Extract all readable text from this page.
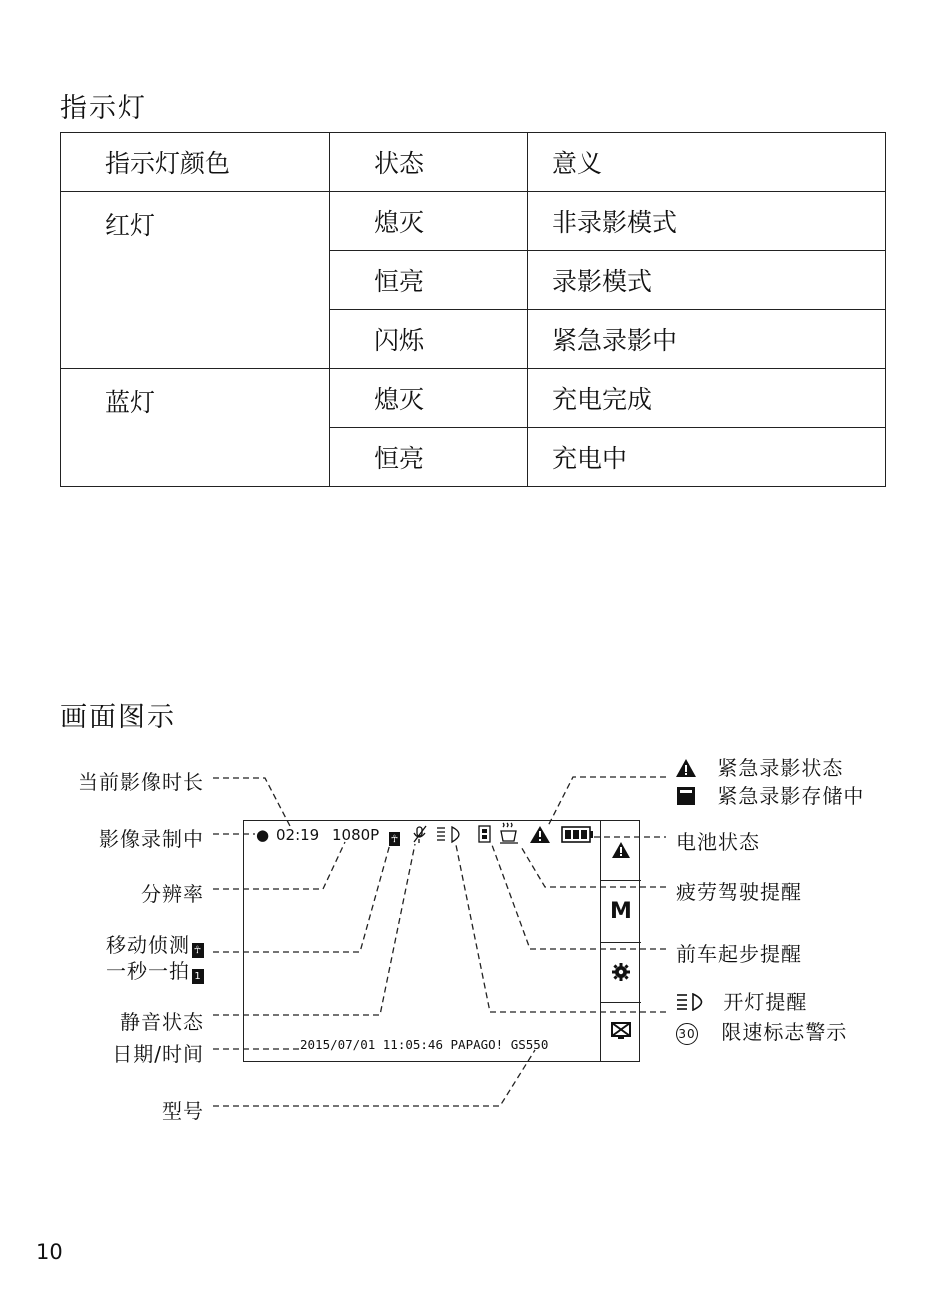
指示灯
指示灯颜色	状态	意义
红灯	熄灭	非录影模式
	恒亮	录影模式
	闪烁	紧急录影中
蓝灯	熄灭	充电完成
	恒亮	充电中
画面图示
当前影像时长
影像录制中
分辨率
移动侦测 ☥
一秒一拍 1
静音状态
日期/时间
型号
M
● 02:19 1080P	☥
2015/07/01 11:05:46 PAPAGO! GS550
紧急录影状态
紧急录影存储中
电池状态
疲劳驾驶提醒
前车起步提醒
开灯提醒
30 限速标志警示
10
